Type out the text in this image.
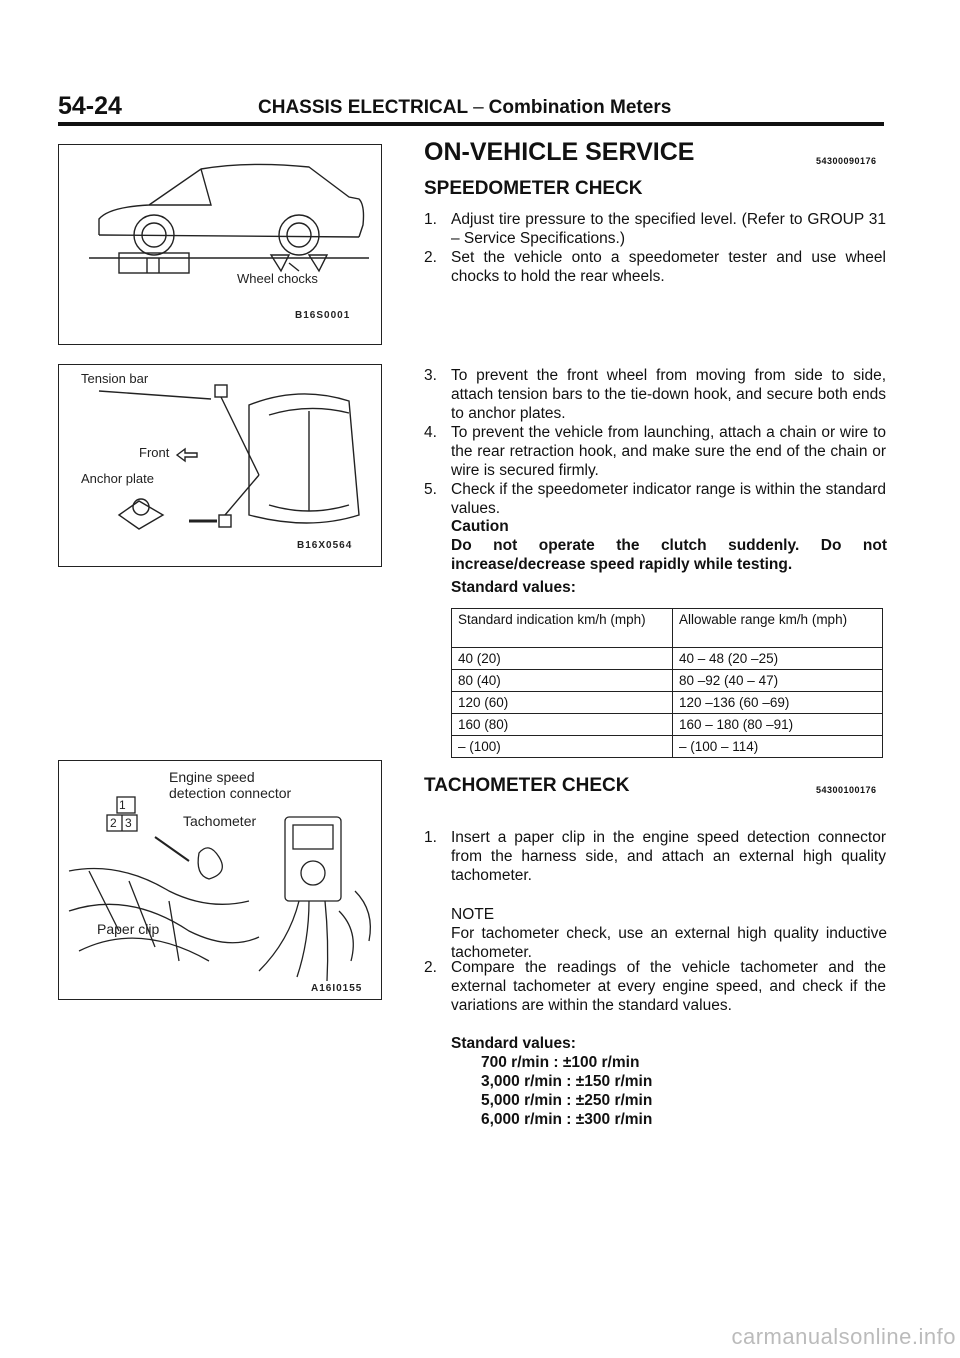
54-24	CHASSIS ELECTRICAL – Combination Meters
Wheel chocks
B16S0001
Tension bar
Front
Anchor plate
B16X0564
Engine speed
detection connector
1
2 3	Tachometer
Paper clip
A16I0155
ON-VEHICLE SERVICE	54300090176
SPEEDOMETER CHECK
1. Adjust tire pressure to the specified level. (Refer to GROUP 31 – Service Specifications.)
2. Set the vehicle onto a speedometer tester and use wheel chocks to hold the rear wheels.
3. To prevent the front wheel from moving from side to side, attach tension bars to the tie-down hook, and secure both ends to anchor plates.
4. To prevent the vehicle from launching, attach a chain or wire to the rear retraction hook, and make sure the end of the chain or wire is secured firmly.
5. Check if the speedometer indicator range is within the standard values.
Caution
Do not operate the clutch suddenly. Do not increase/decrease speed rapidly while testing.
Standard values:
Standard indication km/h (mph)	Allowable range km/h (mph)
40 (20)	40 – 48 (20 –25)
80 (40)	80 –92 (40 – 47)
120 (60)	120 –136 (60 –69)
160 (80)	160 – 180 (80 –91)
– (100)	– (100 – 114)
TACHOMETER CHECK	54300100176
1. Insert a paper clip in the engine speed detection connector from the harness side, and attach an external high quality tachometer.
NOTE
For tachometer check, use an external high quality inductive tachometer.
2. Compare the readings of the vehicle tachometer and the external tachometer at every engine speed, and check if the variations are within the standard values.
Standard values:
700 r/min : ±100 r/min
3,000 r/min : ±150 r/min
5,000 r/min : ±250 r/min
6,000 r/min : ±300 r/min
carmanualsonline.info
